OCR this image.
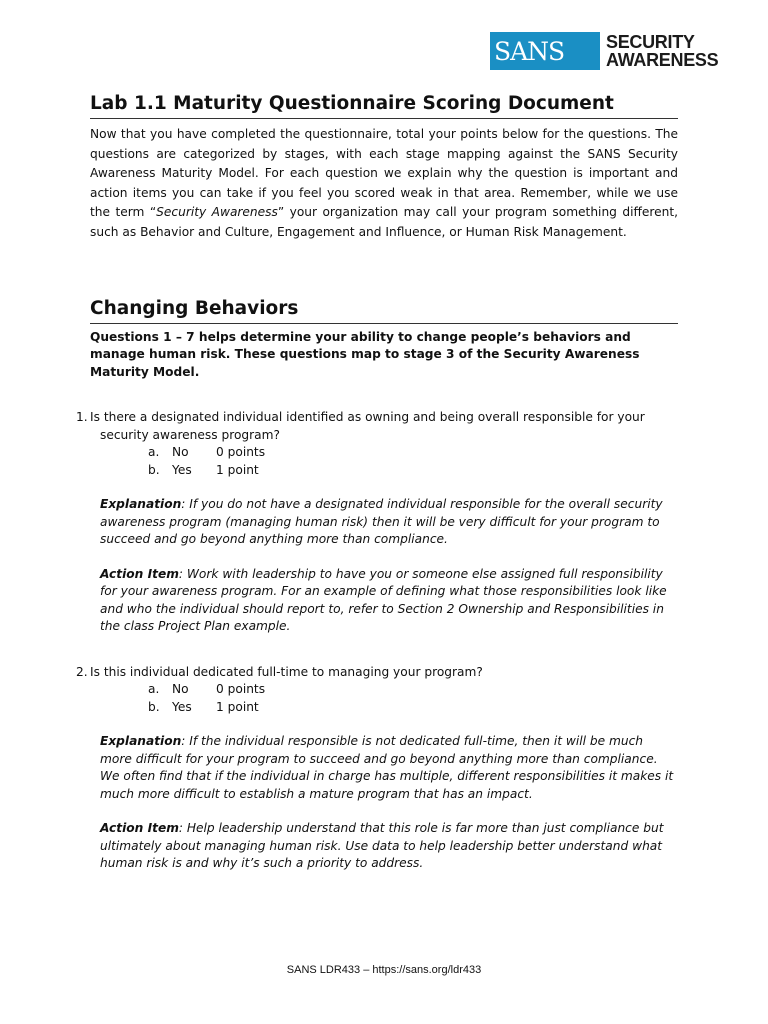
SANS	SECURITY
AWARENESS
Lab 1.1 Maturity Questionnaire Scoring Document

Now that you have completed the questionnaire, total your points below for the questions. The questions are categorized by stages, with each stage mapping against the SANS Security Awareness Maturity Model. For each question we explain why the question is important and action items you can take if you feel you scored weak in that area. Remember, while we use the term “Security Awareness” your organization may call your program something different, such as Behavior and Culture, Engagement and Influence, or Human Risk Management.

Changing Behaviors

Questions 1 – 7 helps determine your ability to change people’s behaviors and manage human risk. These questions map to stage 3 of the Security Awareness Maturity Model.

1. Is there a designated individual identified as owning and being overall responsible for your security awareness program?

a.	No	0 points
b.	Yes	1 point

Explanation: If you do not have a designated individual responsible for the overall security awareness program (managing human risk) then it will be very difficult for your program to succeed and go beyond anything more than compliance.

Action Item: Work with leadership to have you or someone else assigned full responsibility for your awareness program. For an example of defining what those responsibilities look like and who the individual should report to, refer to Section 2 Ownership and Responsibilities in the class Project Plan example.

2. Is this individual dedicated full-time to managing your program?

a.	No	0 points
b.	Yes	1 point

Explanation: If the individual responsible is not dedicated full-time, then it will be much more difficult for your program to succeed and go beyond anything more than compliance. We often find that if the individual in charge has multiple, different responsibilities it makes it much more difficult to establish a mature program that has an impact.

Action Item: Help leadership understand that this role is far more than just compliance but ultimately about managing human risk. Use data to help leadership better understand what human risk is and why it’s such a priority to address.

SANS LDR433 – https://sans.org/ldr433
